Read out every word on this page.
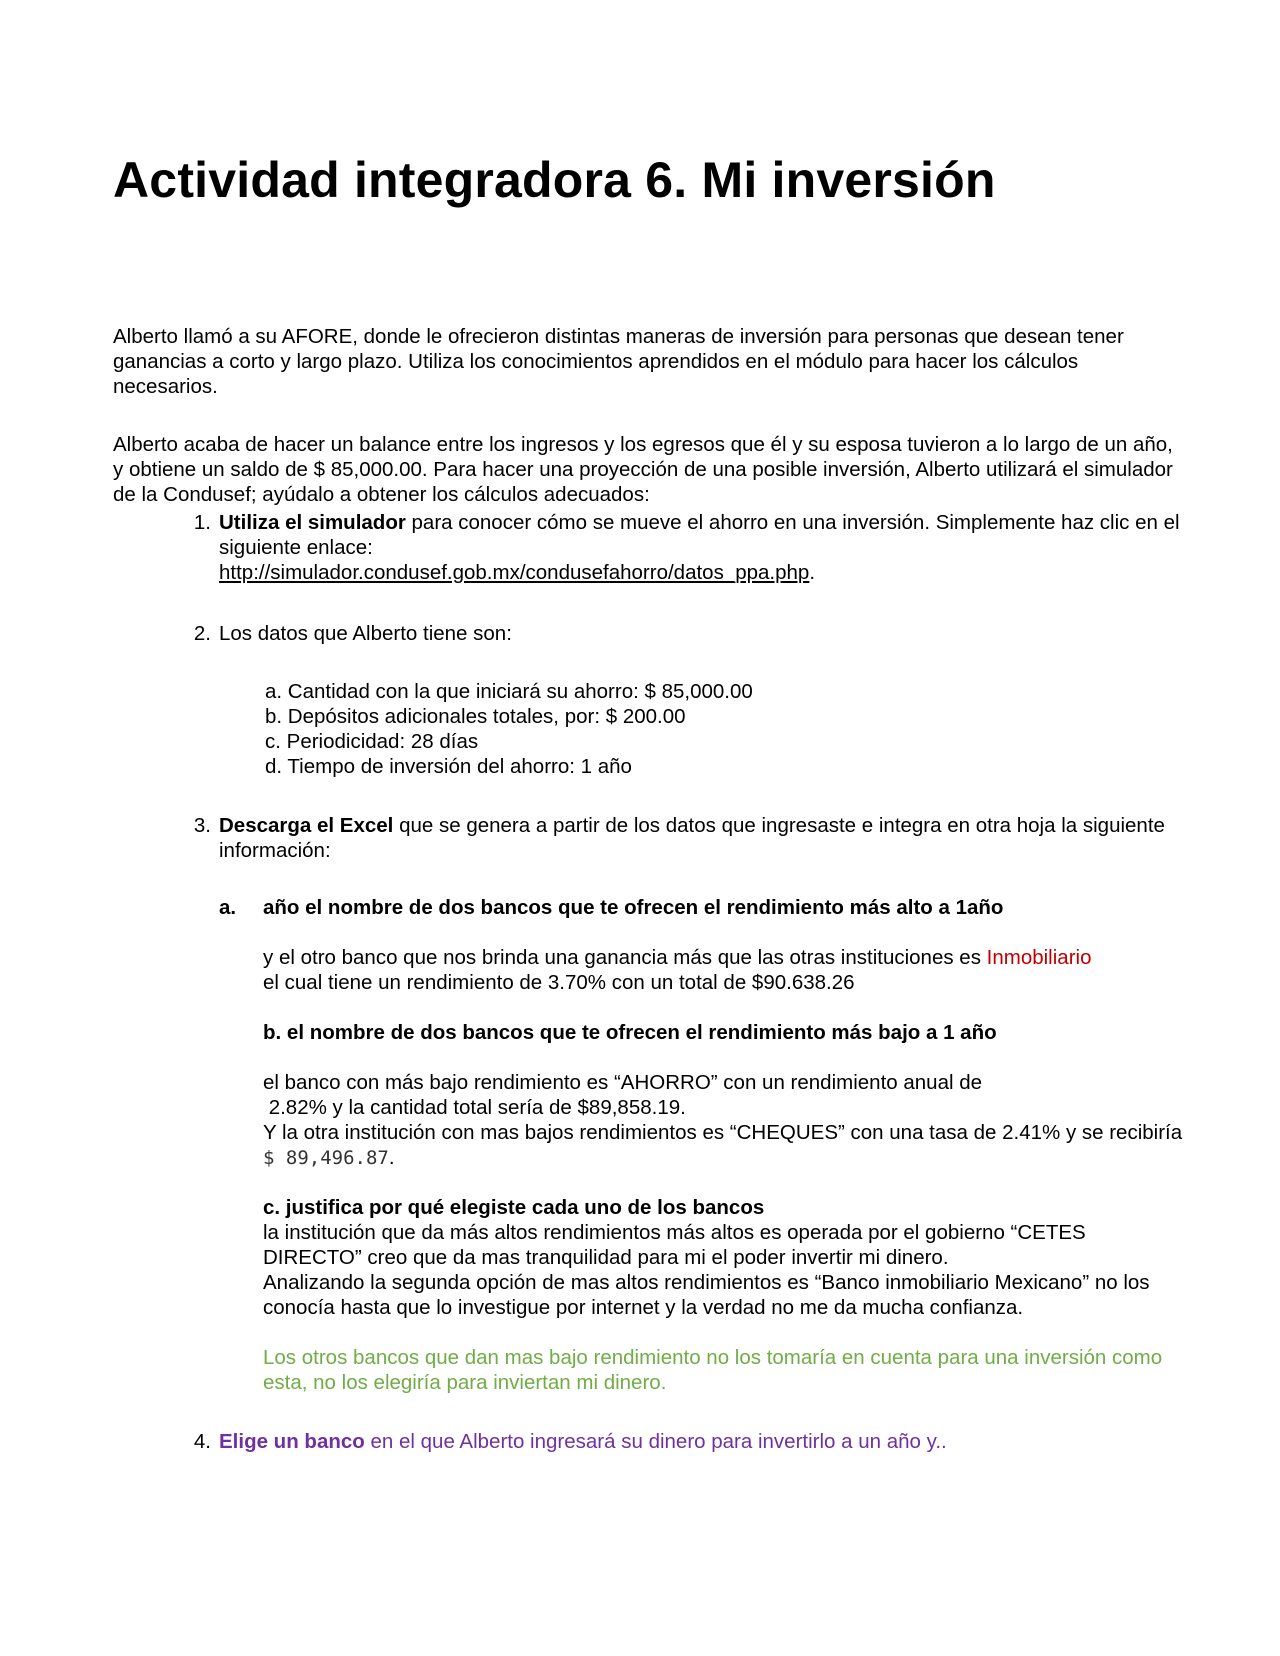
Actividad integradora 6. Mi inversión
Alberto llamó a su AFORE, donde le ofrecieron distintas maneras de inversión para personas que desean tener ganancias a corto y largo plazo. Utiliza los conocimientos aprendidos en el módulo para hacer los cálculos necesarios.
Alberto acaba de hacer un balance entre los ingresos y los egresos que él y su esposa tuvieron a lo largo de un año, y obtiene un saldo de $ 85,000.00. Para hacer una proyección de una posible inversión, Alberto utilizará el simulador de la Condusef; ayúdalo a obtener los cálculos adecuados:
1. Utiliza el simulador para conocer cómo se mueve el ahorro en una inversión. Simplemente haz clic en el siguiente enlace:
http://simulador.condusef.gob.mx/condusefahorro/datos_ppa.php.
2. Los datos que Alberto tiene son:
a. Cantidad con la que iniciará su ahorro: $ 85,000.00
b. Depósitos adicionales totales, por: $ 200.00
c. Periodicidad: 28 días
d. Tiempo de inversión del ahorro: 1 año
3. Descarga el Excel que se genera a partir de los datos que ingresaste e integra en otra hoja la siguiente información:
a. año el nombre de dos bancos que te ofrecen el rendimiento más alto a 1año
y el otro banco que nos brinda una ganancia más que las otras instituciones es Inmobiliario
el cual tiene un rendimiento de 3.70% con un total de $90.638.26
b. el nombre de dos bancos que te ofrecen el rendimiento más bajo a 1 año
el banco con más bajo rendimiento es “AHORRO” con un rendimiento anual de
2.82% y la cantidad total sería de $89,858.19.
Y la otra institución con mas bajos rendimientos es “CHEQUES” con una tasa de 2.41% y se recibiría $ 89,496.87.
c. justifica por qué elegiste cada uno de los bancos
la institución que da más altos rendimientos más altos es operada por el gobierno “CETES DIRECTO” creo que da mas tranquilidad para mi el poder invertir mi dinero.
Analizando la segunda opción de mas altos rendimientos es “Banco inmobiliario Mexicano” no los conocía hasta que lo investigue por internet y la verdad no me da mucha confianza.
Los otros bancos que dan mas bajo rendimiento no los tomaría en cuenta para una inversión como esta, no los elegiría para inviertan mi dinero.
4. Elige un banco en el que Alberto ingresará su dinero para invertirlo a un año y..
